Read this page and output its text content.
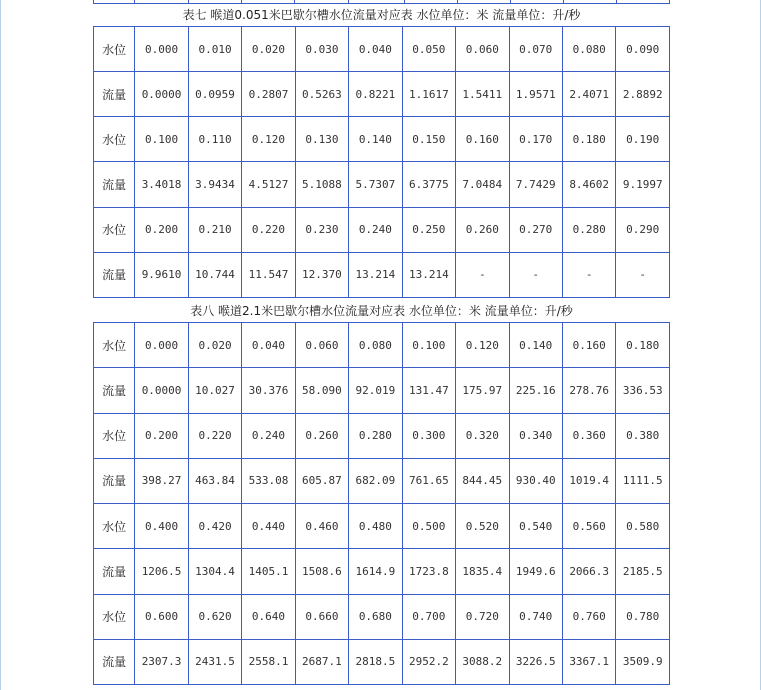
表七 喉道0.051米巴歇尔槽水位流量对应表 水位单位：米 流量单位：升/秒
水位	0.000	0.010	0.020	0.030	0.040	0.050	0.060	0.070	0.080	0.090
流量	0.0000	0.0959	0.2807	0.5263	0.8221	1.1617	1.5411	1.9571	2.4071	2.8892
水位	0.100	0.110	0.120	0.130	0.140	0.150	0.160	0.170	0.180	0.190
流量	3.4018	3.9434	4.5127	5.1088	5.7307	6.3775	7.0484	7.7429	8.4602	9.1997
水位	0.200	0.210	0.220	0.230	0.240	0.250	0.260	0.270	0.280	0.290
流量	9.9610	10.744	11.547	12.370	13.214	13.214	-	-	-	-
表八 喉道2.1米巴歇尔槽水位流量对应表 水位单位：米 流量单位：升/秒
水位	0.000	0.020	0.040	0.060	0.080	0.100	0.120	0.140	0.160	0.180
流量	0.0000	10.027	30.376	58.090	92.019	131.47	175.97	225.16	278.76	336.53
水位	0.200	0.220	0.240	0.260	0.280	0.300	0.320	0.340	0.360	0.380
流量	398.27	463.84	533.08	605.87	682.09	761.65	844.45	930.40	1019.4	1111.5
水位	0.400	0.420	0.440	0.460	0.480	0.500	0.520	0.540	0.560	0.580
流量	1206.5	1304.4	1405.1	1508.6	1614.9	1723.8	1835.4	1949.6	2066.3	2185.5
水位	0.600	0.620	0.640	0.660	0.680	0.700	0.720	0.740	0.760	0.780
流量	2307.3	2431.5	2558.1	2687.1	2818.5	2952.2	3088.2	3226.5	3367.1	3509.9
